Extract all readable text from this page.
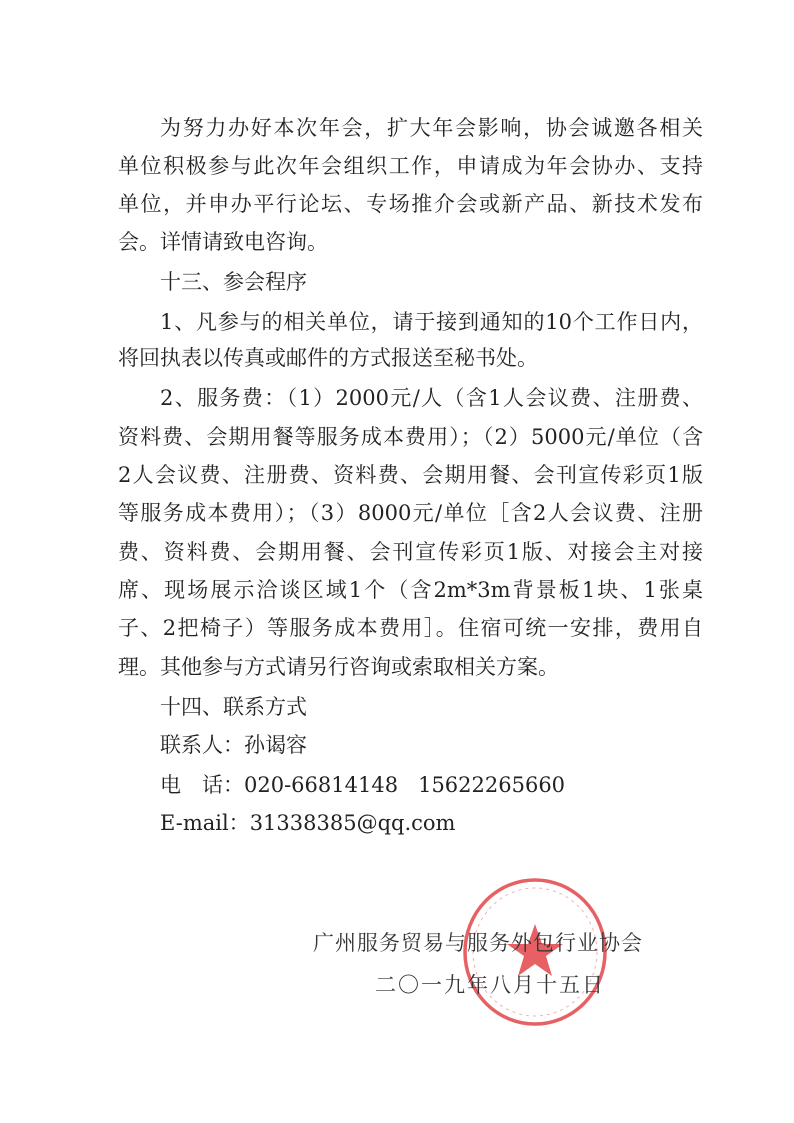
为努力办好本次年会，扩大年会影响，协会诚邀各相关
单位积极参与此次年会组织工作，申请成为年会协办、支持
单位，并申办平行论坛、专场推介会或新产品、新技术发布
会。详情请致电咨询。
十三、参会程序
1、凡参与的相关单位，请于接到通知的10个工作日内，
将回执表以传真或邮件的方式报送至秘书处。
2、服务费：（1）2000元/人（含1人会议费、注册费、
资料费、会期用餐等服务成本费用）；（2）5000元/单位（含
2人会议费、注册费、资料费、会期用餐、会刊宣传彩页1版
等服务成本费用）；（3）8000元/单位［含2人会议费、注册
费、资料费、会期用餐、会刊宣传彩页1版、对接会主对接
席、现场展示洽谈区域1个（含2m*3m背景板1块、1张桌
子、2把椅子）等服务成本费用］。住宿可统一安排，费用自
理。其他参与方式请另行咨询或索取相关方案。
十四、联系方式
联系人：孙谒容
电　话：020-66814148 15622265660
E-mail：31338385@qq.com
广州服务贸易与服务外包行业协会
二〇一九年八月十五日
